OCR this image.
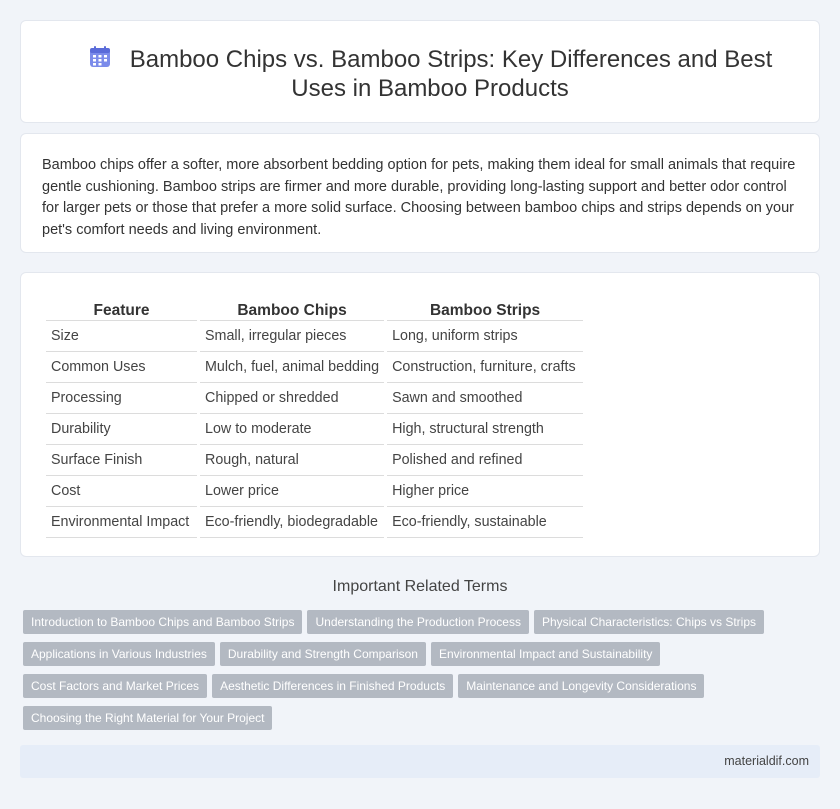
Bamboo Chips vs. Bamboo Strips: Key Differences and Best Uses in Bamboo Products

Bamboo chips offer a softer, more absorbent bedding option for pets, making them ideal for small animals that require gentle cushioning. Bamboo strips are firmer and more durable, providing long-lasting support and better odor control for larger pets or those that prefer a more solid surface. Choosing between bamboo chips and strips depends on your pet's comfort needs and living environment.

Feature	Bamboo Chips	Bamboo Strips
Size	Small, irregular pieces	Long, uniform strips
Common Uses	Mulch, fuel, animal bedding	Construction, furniture, crafts
Processing	Chipped or shredded	Sawn and smoothed
Durability	Low to moderate	High, structural strength
Surface Finish	Rough, natural	Polished and refined
Cost	Lower price	Higher price
Environmental Impact	Eco-friendly, biodegradable	Eco-friendly, sustainable
Important Related Terms
Introduction to Bamboo Chips and Bamboo Strips Understanding the Production Process Physical Characteristics: Chips vs StripsApplications in Various Industries Durability and Strength Comparison Environmental Impact and SustainabilityCost Factors and Market Prices Aesthetic Differences in Finished Products Maintenance and Longevity ConsiderationsChoosing the Right Material for Your Project
materialdif.com
